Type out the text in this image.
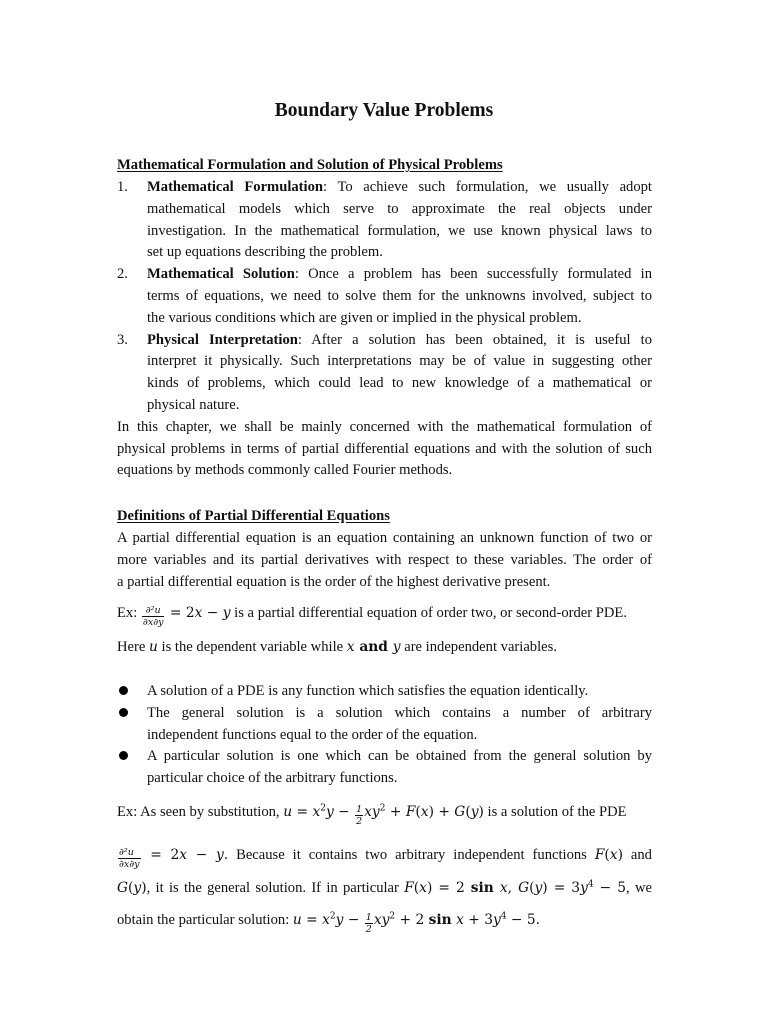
Boundary Value Problems
Mathematical Formulation and Solution of Physical Problems
1. Mathematical Formulation: To achieve such formulation, we usually adopt
mathematical models which serve to approximate the real objects under
investigation. In the mathematical formulation, we use known physical laws to
set up equations describing the problem.
2. Mathematical Solution: Once a problem has been successfully formulated in
terms of equations, we need to solve them for the unknowns involved, subject to
the various conditions which are given or implied in the physical problem.
3. Physical Interpretation: After a solution has been obtained, it is useful to
interpret it physically. Such interpretations may be of value in suggesting other
kinds of problems, which could lead to new knowledge of a mathematical or
physical nature.
In this chapter, we shall be mainly concerned with the mathematical formulation of
physical problems in terms of partial differential equations and with the solution of such
equations by methods commonly called Fourier methods.
Definitions of Partial Differential Equations
A partial differential equation is an equation containing an unknown function of two or
more variables and its partial derivatives with respect to these variables. The order of
a partial differential equation is the order of the highest derivative present.
Ex: $\frac{\text{∂²u}}{\partial x\partial y} = 2x - y$ is a partial differential equation of order two, or second-order PDE.
Here u is the dependent variable while x and y are independent variables.
A solution of a PDE is any function which satisfies the equation identically.
The general solution is a solution which contains a number of arbitrary
independent functions equal to the order of the equation.
A particular solution is one which can be obtained from the general solution by
particular choice of the arbitrary functions.
Ex: As seen by substitution, $u = x^2y - \frac{1}{2} xy^2 + F(x) + G(y)$ is a solution of the PDE
$\frac{\text{∂²u}}{\partial x\partial y} = 2x - y$. Because it contains two arbitrary independent functions F(x) and
G(y), it is the general solution. If in particular F(x) = 2 sin x, $G(y) = 3y^4 - 5$, we
obtain the particular solution: $u = x^2y - \frac{1}{2} xy^2 + 2$ $\sin x + 3y^4 - 5$.
